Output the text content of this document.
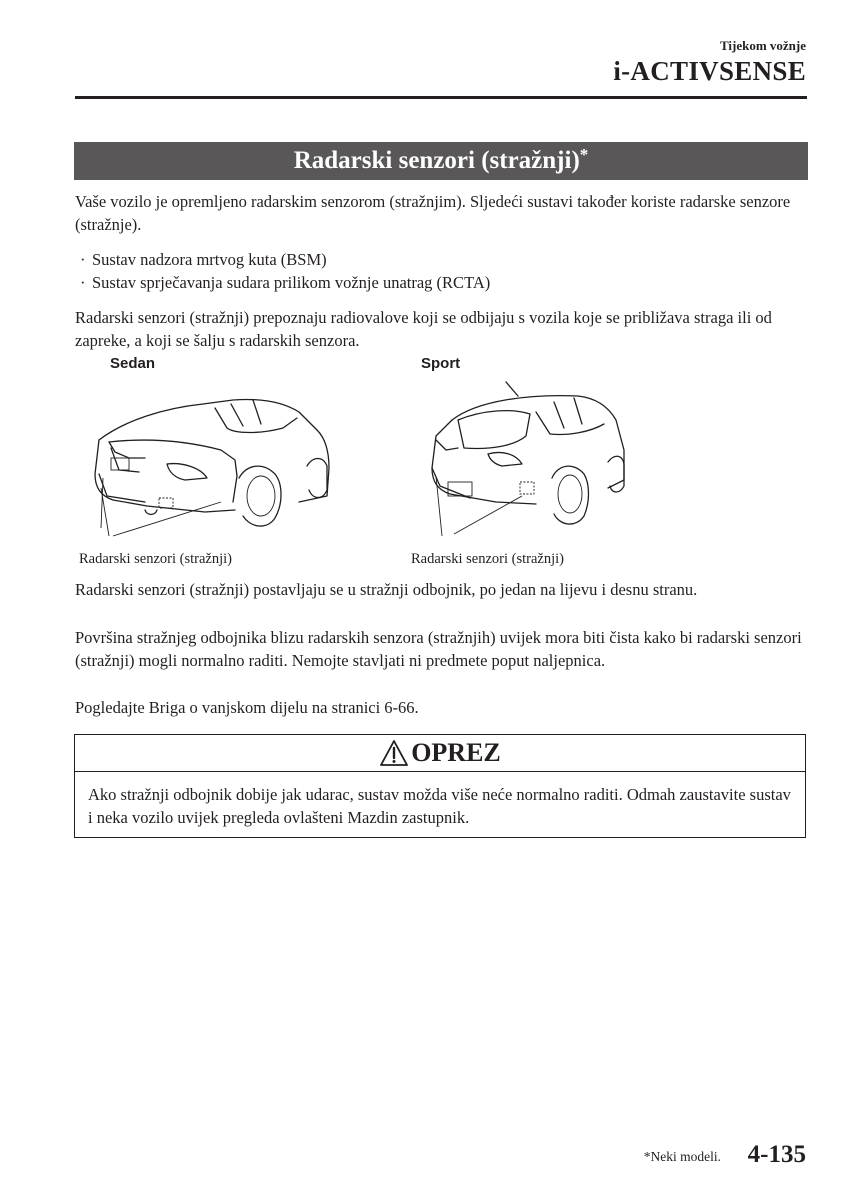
Tijekom vožnje
i-ACTIVSENSE
Radarski senzori (stražnji)*
Vaše vozilo je opremljeno radarskim senzorom (stražnjim). Sljedeći sustavi također koriste radarske senzore (stražnje).
· Sustav nadzora mrtvog kuta (BSM)
· Sustav sprječavanja sudara prilikom vožnje unatrag (RCTA)
Radarski senzori (stražnji) prepoznaju radiovalove koji se odbijaju s vozila koje se približava straga ili od zapreke, a koji se šalju s radarskih senzora.
Sedan	Sport
Radarski senzori (stražnji)	Radarski senzori (stražnji)
Radarski senzori (stražnji) postavljaju se u stražnji odbojnik, po jedan na lijevu i desnu stranu.
Površina stražnjeg odbojnika blizu radarskih senzora (stražnjih) uvijek mora biti čista kako bi radarski senzori (stražnji) mogli normalno raditi. Nemojte stavljati ni predmete poput naljepnica.
Pogledajte Briga o vanjskom dijelu na stranici 6-66.
OPREZ
Ako stražnji odbojnik dobije jak udarac, sustav možda više neće normalno raditi. Odmah zaustavite sustav i neka vozilo uvijek pregleda ovlašteni Mazdin zastupnik.
*Neki modeli. 4-135
